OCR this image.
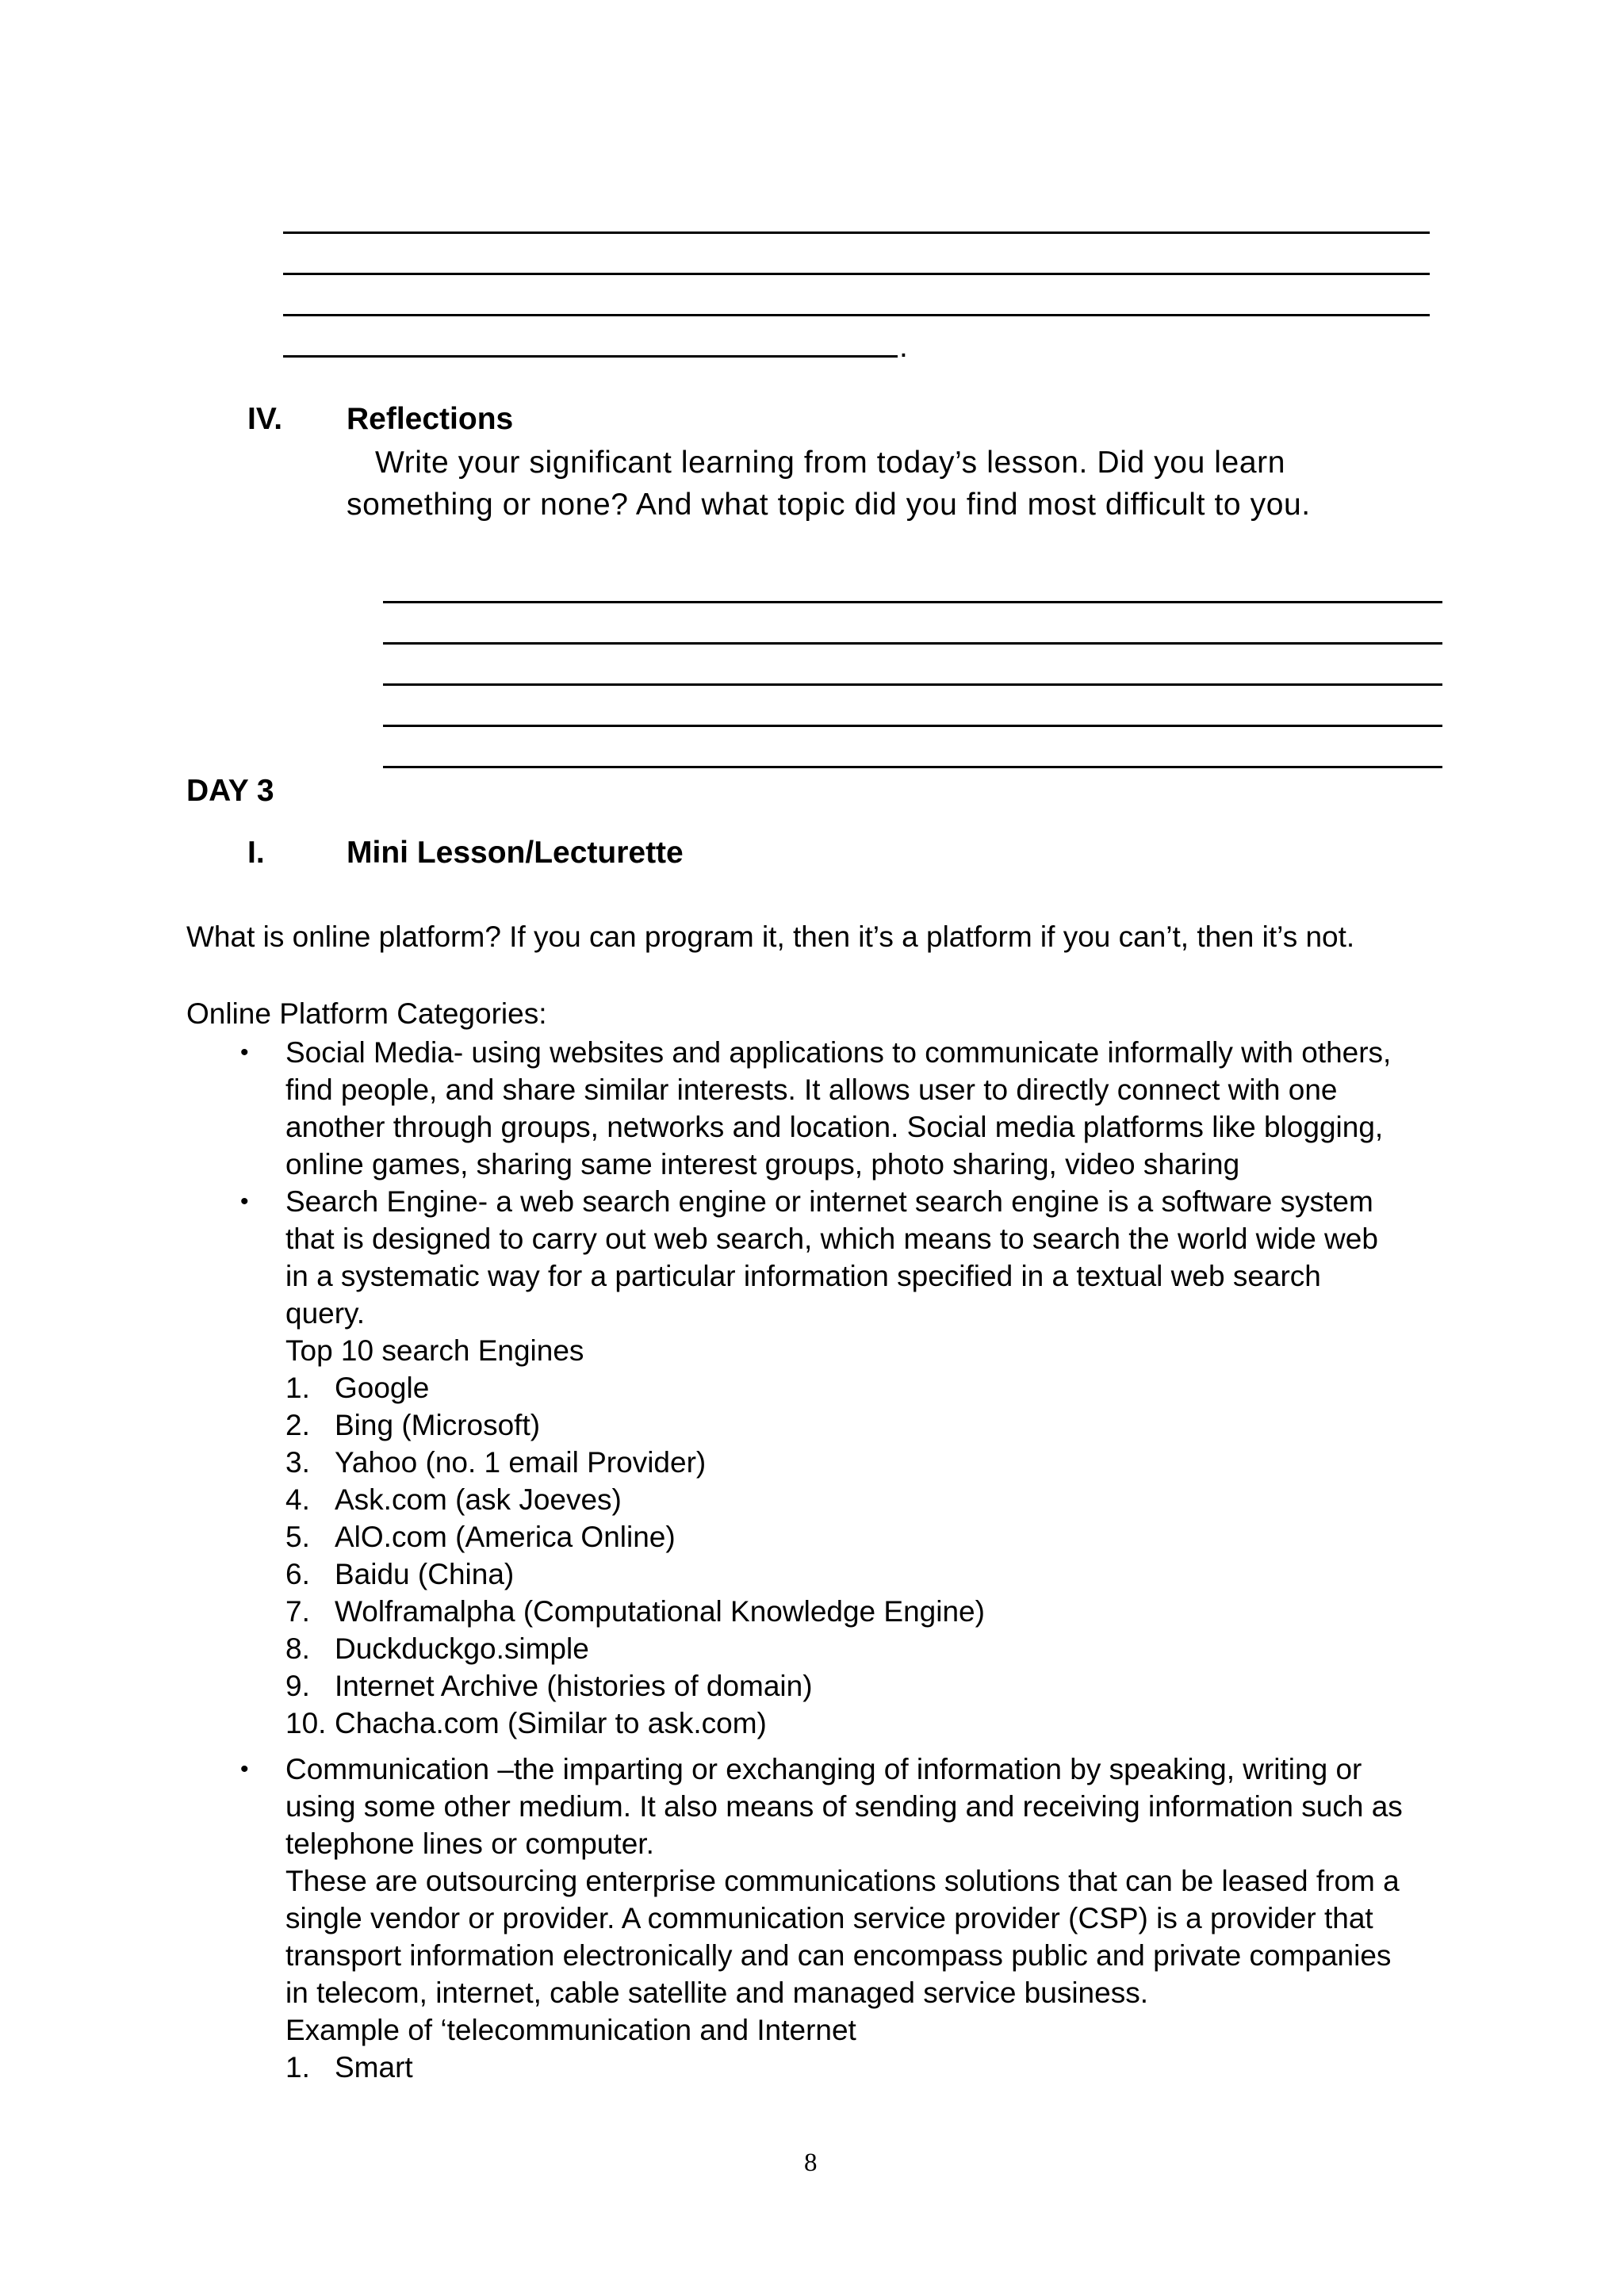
.
IV. Reflections
Write your significant learning from today’s lesson. Did you learn
something or none? And what topic did you find most difficult to you.
DAY 3
I.	Mini Lesson/Lecturette
What is online platform? If you can program it, then it’s a platform if you can’t, then it’s not.
Online Platform Categories:
• Social Media- using websites and applications to communicate informally with others,
find people, and share similar interests. It allows user to directly connect with one
another through groups, networks and location. Social media platforms like blogging,
online games, sharing same interest groups, photo sharing, video sharing
• Search Engine- a web search engine or internet search engine is a software system
that is designed to carry out web search, which means to search the world wide web
in a systematic way for a particular information specified in a textual web search
query.
Top 10 search Engines
1. Google
2. Bing (Microsoft)
3. Yahoo (no. 1 email Provider)
4. Ask.com (ask Joeves)
5. AlO.com (America Online)
6. Baidu (China)
7. Wolframalpha (Computational Knowledge Engine)
8. Duckduckgo.simple
9. Internet Archive (histories of domain)
10. Chacha.com (Similar to ask.com)
• Communication –the imparting or exchanging of information by speaking, writing or
using some other medium. It also means of sending and receiving information such as
telephone lines or computer.
These are outsourcing enterprise communications solutions that can be leased from a
single vendor or provider. A communication service provider (CSP) is a provider that
transport information electronically and can encompass public and private companies
in telecom, internet, cable satellite and managed service business.
Example of ‘telecommunication and Internet
1. Smart
8
